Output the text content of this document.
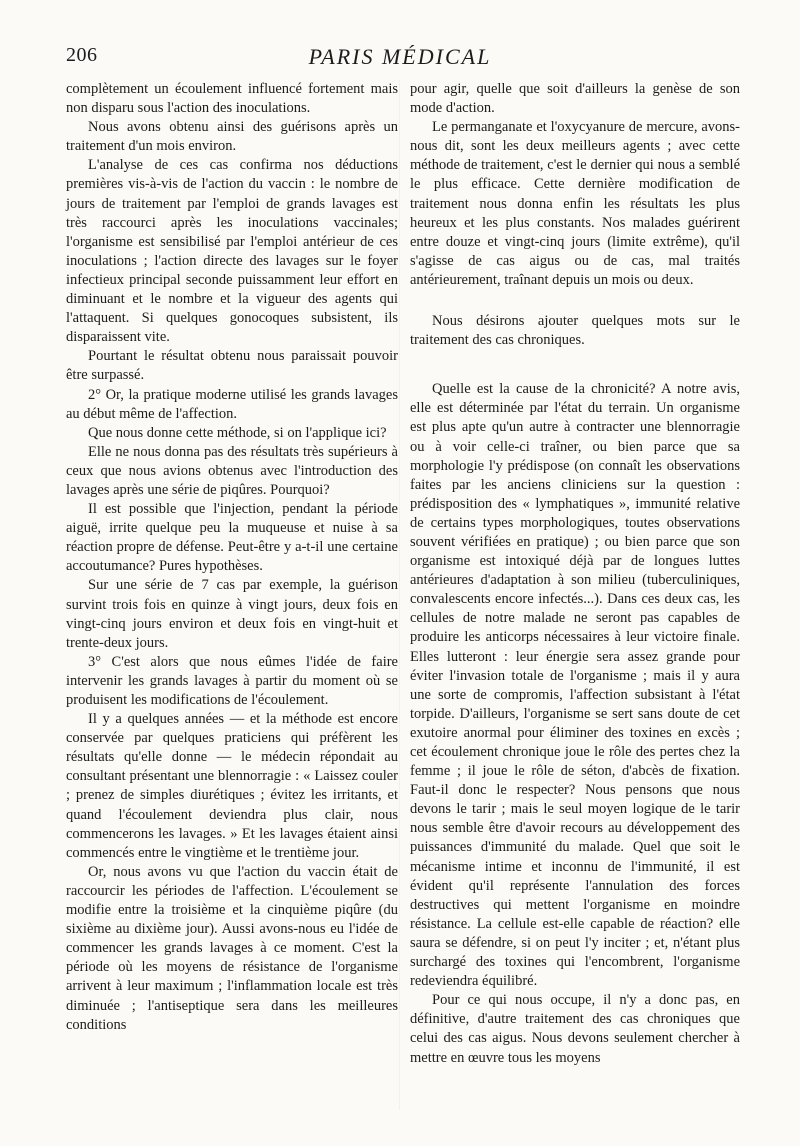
206	PARIS MÉDICAL

complètement un écoulement influencé fortement mais non disparu sous l'action des inoculations.

Nous avons obtenu ainsi des guérisons après un traitement d'un mois environ.

L'analyse de ces cas confirma nos déductions premières vis-à-vis de l'action du vaccin : le nombre de jours de traitement par l'emploi de grands lavages est très raccourci après les inoculations vaccinales; l'organisme est sensibilisé par l'emploi antérieur de ces inoculations ; l'action directe des lavages sur le foyer infectieux principal seconde puissamment leur effort en diminuant et le nombre et la vigueur des agents qui l'attaquent. Si quelques gonocoques subsistent, ils disparaissent vite.

Pourtant le résultat obtenu nous paraissait pouvoir être surpassé.

2° Or, la pratique moderne utilisé les grands lavages au début même de l'affection.

Que nous donne cette méthode, si on l'applique ici?

Elle ne nous donna pas des résultats très supérieurs à ceux que nous avions obtenus avec l'introduction des lavages après une série de piqûres. Pourquoi?

Il est possible que l'injection, pendant la période aiguë, irrite quelque peu la muqueuse et nuise à sa réaction propre de défense. Peut-être y a-t-il une certaine accoutumance? Pures hypothèses.

Sur une série de 7 cas par exemple, la guérison survint trois fois en quinze à vingt jours, deux fois en vingt-cinq jours environ et deux fois en vingt-huit et trente-deux jours.

3° C'est alors que nous eûmes l'idée de faire intervenir les grands lavages à partir du moment où se produisent les modifications de l'écoulement.

Il y a quelques années — et la méthode est encore conservée par quelques praticiens qui préfèrent les résultats qu'elle donne — le médecin répondait au consultant présentant une blennorragie : « Laissez couler ; prenez de simples diurétiques ; évitez les irritants, et quand l'écoulement deviendra plus clair, nous commencerons les lavages. » Et les lavages étaient ainsi commencés entre le vingtième et le trentième jour.

Or, nous avons vu que l'action du vaccin était de raccourcir les périodes de l'affection. L'écoulement se modifie entre la troisième et la cinquième piqûre (du sixième au dixième jour). Aussi avons-nous eu l'idée de commencer les grands lavages à ce moment. C'est la période où les moyens de résistance de l'organisme arrivent à leur maximum ; l'inflammation locale est très diminuée ; l'antiseptique sera dans les meilleures conditions

pour agir, quelle que soit d'ailleurs la genèse de son mode d'action.

Le permanganate et l'oxycyanure de mercure, avons-nous dit, sont les deux meilleurs agents ; avec cette méthode de traitement, c'est le dernier qui nous a semblé le plus efficace. Cette dernière modification de traitement nous donna enfin les résultats les plus heureux et les plus constants. Nos malades guérirent entre douze et vingt-cinq jours (limite extrême), qu'il s'agisse de cas aigus ou de cas, mal traités antérieurement, traînant depuis un mois ou deux.

Nous désirons ajouter quelques mots sur le traitement des cas chroniques.

Quelle est la cause de la chronicité? A notre avis, elle est déterminée par l'état du terrain. Un organisme est plus apte qu'un autre à contracter une blennorragie ou à voir celle-ci traîner, ou bien parce que sa morphologie l'y prédispose (on connaît les observations faites par les anciens cliniciens sur la question : prédisposition des « lymphatiques », immunité relative de certains types morphologiques, toutes observations souvent vérifiées en pratique) ; ou bien parce que son organisme est intoxiqué déjà par de longues luttes antérieures d'adaptation à son milieu (tuberculiniques, convalescents encore infectés...). Dans ces deux cas, les cellules de notre malade ne seront pas capables de produire les anticorps nécessaires à leur victoire finale. Elles lutteront : leur énergie sera assez grande pour éviter l'invasion totale de l'organisme ; mais il y aura une sorte de compromis, l'affection subsistant à l'état torpide. D'ailleurs, l'organisme se sert sans doute de cet exutoire anormal pour éliminer des toxines en excès ; cet écoulement chronique joue le rôle des pertes chez la femme ; il joue le rôle de séton, d'abcès de fixation. Faut-il donc le respecter? Nous pensons que nous devons le tarir ; mais le seul moyen logique de le tarir nous semble être d'avoir recours au développement des puissances d'immunité du malade. Quel que soit le mécanisme intime et inconnu de l'immunité, il est évident qu'il représente l'annulation des forces destructives qui mettent l'organisme en moindre résistance. La cellule est-elle capable de réaction? elle saura se défendre, si on peut l'y inciter ; et, n'étant plus surchargé des toxines qui l'encombrent, l'organisme redeviendra équilibré.

Pour ce qui nous occupe, il n'y a donc pas, en définitive, d'autre traitement des cas chroniques que celui des cas aigus. Nous devons seulement chercher à mettre en œuvre tous les moyens
